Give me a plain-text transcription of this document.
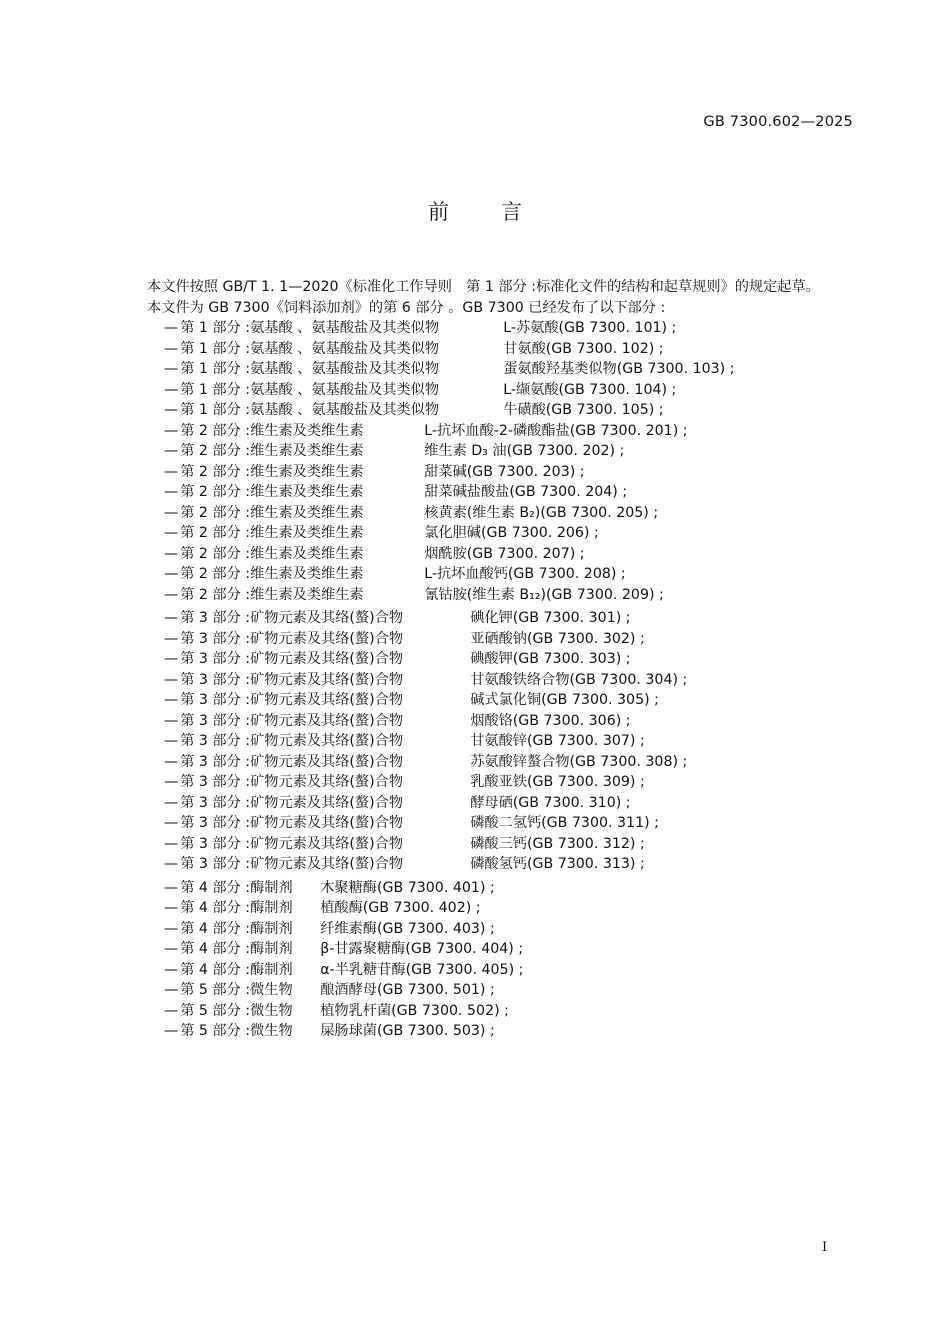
GB 7300.602—2025
前言

本文件按照 GB/T 1. 1—2020《标准化工作导则　第 1 部分 :标准化文件的结构和起草规则》的规定起草。

本文件为 GB 7300《饲料添加剂》的第 6 部分 。GB 7300 已经发布了以下部分 :

— 第 1 部分 :氨基酸 、氨基酸盐及其类似物	L-苏氨酸(GB 7300. 101) ;
— 第 1 部分 :氨基酸 、氨基酸盐及其类似物	甘氨酸(GB 7300. 102) ;
— 第 1 部分 :氨基酸 、氨基酸盐及其类似物	蛋氨酸羟基类似物(GB 7300. 103) ;
— 第 1 部分 :氨基酸 、氨基酸盐及其类似物	L-缬氨酸(GB 7300. 104) ;
— 第 1 部分 :氨基酸 、氨基酸盐及其类似物	牛磺酸(GB 7300. 105) ;
— 第 2 部分 :维生素及类维生素	L-抗坏血酸-2-磷酸酯盐(GB 7300. 201) ;
— 第 2 部分 :维生素及类维生素	维生素 D₃ 油(GB 7300. 202) ;
— 第 2 部分 :维生素及类维生素	甜菜碱(GB 7300. 203) ;
— 第 2 部分 :维生素及类维生素	甜菜碱盐酸盐(GB 7300. 204) ;
— 第 2 部分 :维生素及类维生素	核黄素(维生素 B₂)(GB 7300. 205) ;
— 第 2 部分 :维生素及类维生素	氯化胆碱(GB 7300. 206) ;
— 第 2 部分 :维生素及类维生素	烟酰胺(GB 7300. 207) ;
— 第 2 部分 :维生素及类维生素	L-抗坏血酸钙(GB 7300. 208) ;
— 第 2 部分 :维生素及类维生素	氰钴胺(维生素 B₁₂)(GB 7300. 209) ;
— 第 3 部分 :矿物元素及其络(螯)合物	碘化钾(GB 7300. 301) ;
— 第 3 部分 :矿物元素及其络(螯)合物	亚硒酸钠(GB 7300. 302) ;
— 第 3 部分 :矿物元素及其络(螯)合物	碘酸钾(GB 7300. 303) ;
— 第 3 部分 :矿物元素及其络(螯)合物	甘氨酸铁络合物(GB 7300. 304) ;
— 第 3 部分 :矿物元素及其络(螯)合物	碱式氯化铜(GB 7300. 305) ;
— 第 3 部分 :矿物元素及其络(螯)合物	烟酸铬(GB 7300. 306) ;
— 第 3 部分 :矿物元素及其络(螯)合物	甘氨酸锌(GB 7300. 307) ;
— 第 3 部分 :矿物元素及其络(螯)合物	苏氨酸锌螯合物(GB 7300. 308) ;
— 第 3 部分 :矿物元素及其络(螯)合物	乳酸亚铁(GB 7300. 309) ;
— 第 3 部分 :矿物元素及其络(螯)合物	酵母硒(GB 7300. 310) ;
— 第 3 部分 :矿物元素及其络(螯)合物	磷酸二氢钙(GB 7300. 311) ;
— 第 3 部分 :矿物元素及其络(螯)合物	磷酸三钙(GB 7300. 312) ;
— 第 3 部分 :矿物元素及其络(螯)合物	磷酸氢钙(GB 7300. 313) ;
— 第 4 部分 :酶制剂 木聚糖酶(GB 7300. 401) ;
— 第 4 部分 :酶制剂 植酸酶(GB 7300. 402) ;
— 第 4 部分 :酶制剂 纤维素酶(GB 7300. 403) ;
— 第 4 部分 :酶制剂 β-甘露聚糖酶(GB 7300. 404) ;
— 第 4 部分 :酶制剂 α-半乳糖苷酶(GB 7300. 405) ;
— 第 5 部分 :微生物 酿酒酵母(GB 7300. 501) ;
— 第 5 部分 :微生物 植物乳杆菌(GB 7300. 502) ;
— 第 5 部分 :微生物 屎肠球菌(GB 7300. 503) ;
I
